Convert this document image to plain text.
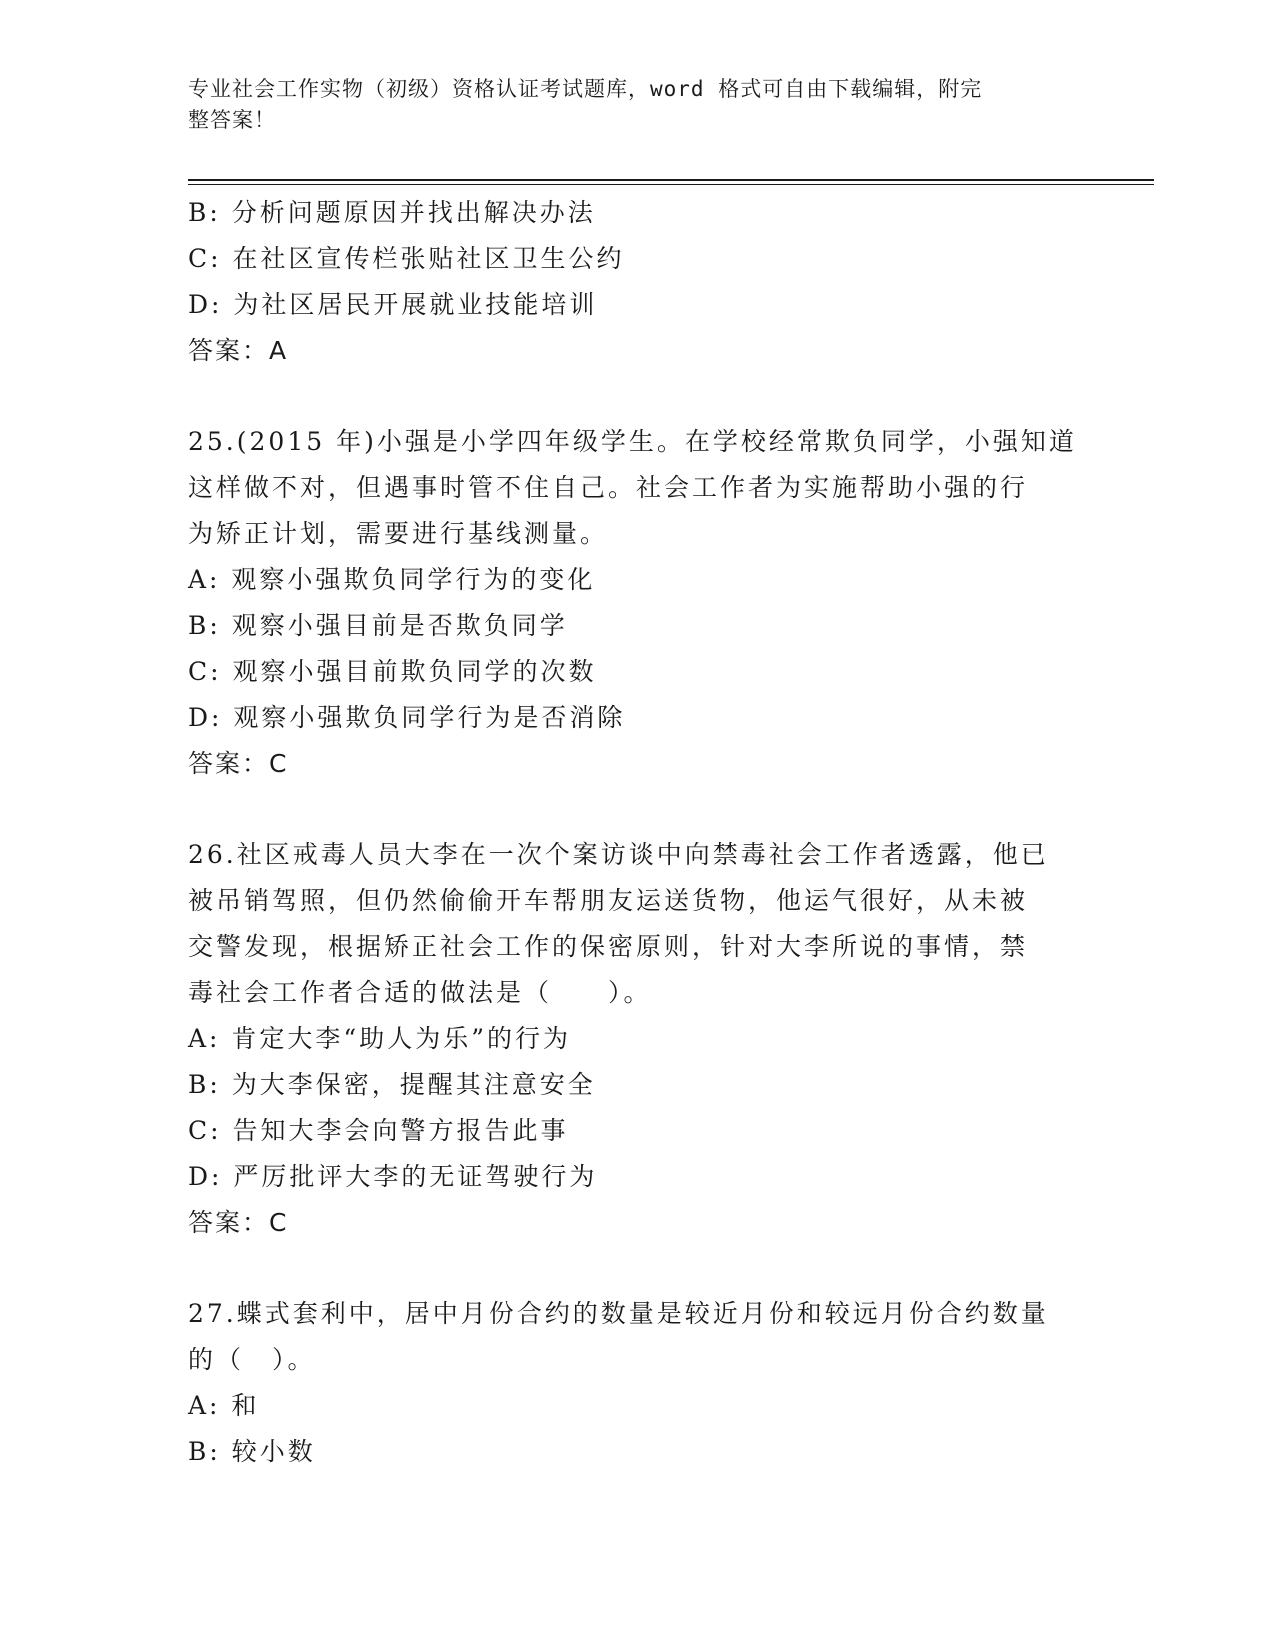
专业社会工作实物（初级）资格认证考试题库，word 格式可自由下载编辑，附完
整答案！
B: 分析问题原因并找出解决办法
C: 在社区宣传栏张贴社区卫生公约
D: 为社区居民开展就业技能培训
答案：A
25.(2015 年)小强是小学四年级学生。在学校经常欺负同学，小强知道
这样做不对，但遇事时管不住自己。社会工作者为实施帮助小强的行
为矫正计划，需要进行基线测量。
A: 观察小强欺负同学行为的变化
B: 观察小强目前是否欺负同学
C: 观察小强目前欺负同学的次数
D: 观察小强欺负同学行为是否消除
答案：C
26.社区戒毒人员大李在一次个案访谈中向禁毒社会工作者透露，他已
被吊销驾照，但仍然偷偷开车帮朋友运送货物，他运气很好，从未被
交警发现，根据矫正社会工作的保密原则，针对大李所说的事情，禁
毒社会工作者合适的做法是（　　）。
A: 肯定大李“助人为乐”的行为
B: 为大李保密，提醒其注意安全
C: 告知大李会向警方报告此事
D: 严厉批评大李的无证驾驶行为
答案：C
27.蝶式套利中，居中月份合约的数量是较近月份和较远月份合约数量
的（　）。
A: 和
B: 较小数
